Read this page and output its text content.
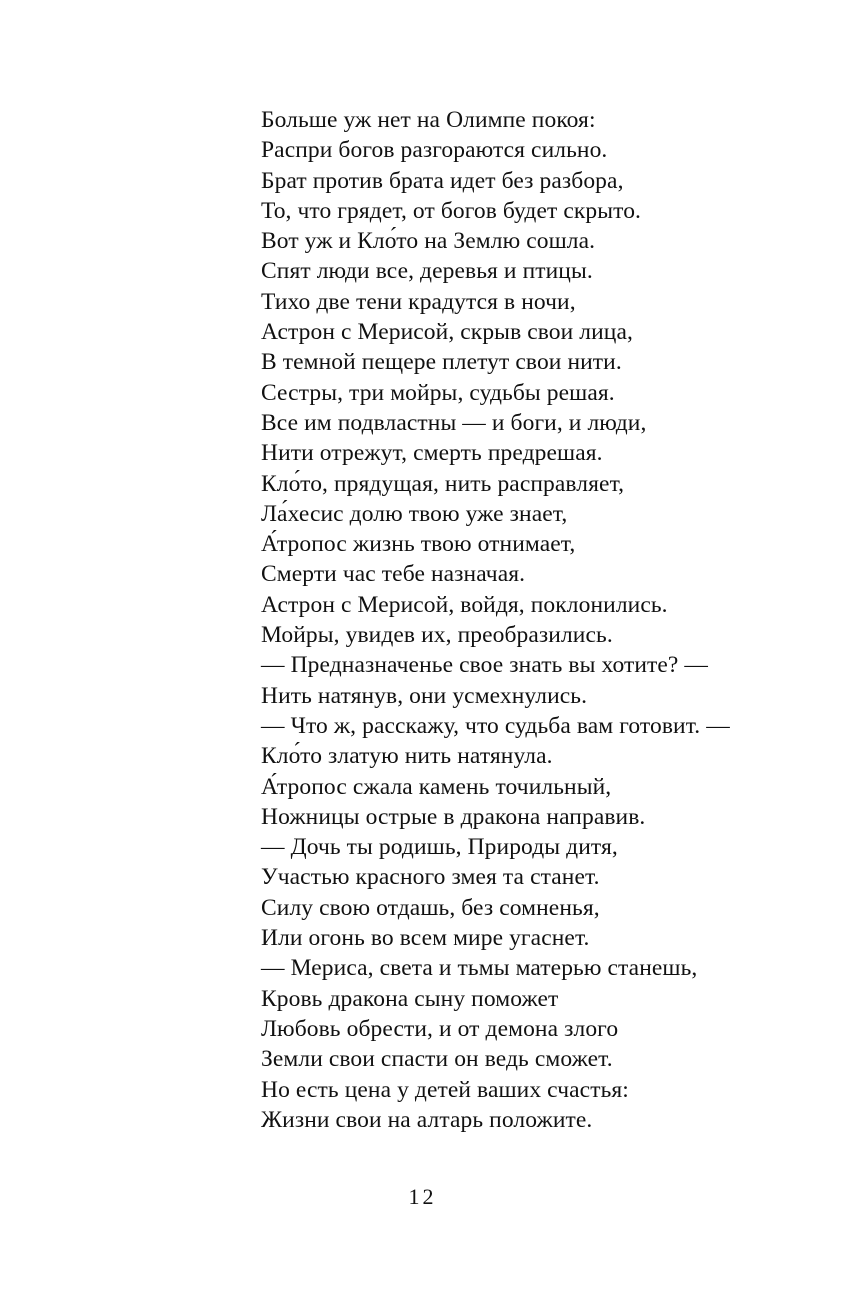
Больше уж нет на Олимпе покоя:
Распри богов разгораются сильно.
Брат против брата идет без разбора,
То, что грядет, от богов будет скрыто.
Вот уж и Кло́то на Землю сошла.
Спят люди все, деревья и птицы.
Тихо две тени крадутся в ночи,
Астрон с Мерисой, скрыв свои лица,
В темной пещере плетут свои нити.
Сестры, три мойры, судьбы решая.
Все им подвластны — и боги, и люди,
Нити отрежут, смерть предрешая.
Кло́то, прядущая, нить расправляет,
Ла́хесис долю твою уже знает,
А́тропос жизнь твою отнимает,
Смерти час тебе назначая.
Астрон с Мерисой, войдя, поклонились.
Мойры, увидев их, преобразились.
— Предназначенье свое знать вы хотите? —
Нить натянув, они усмехнулись.
— Что ж, расскажу, что судьба вам готовит. —
Кло́то златую нить натянула.
А́тропос сжала камень точильный,
Ножницы острые в дракона направив.
— Дочь ты родишь, Природы дитя,
Участью красного змея та станет.
Силу свою отдашь, без сомненья,
Или огонь во всем мире угаснет.
— Мериса, света и тьмы матерью станешь,
Кровь дракона сыну поможет
Любовь обрести, и от демона злого
Земли свои спасти он ведь сможет.
Но есть цена у детей ваших счастья:
Жизни свои на алтарь положите.
12
